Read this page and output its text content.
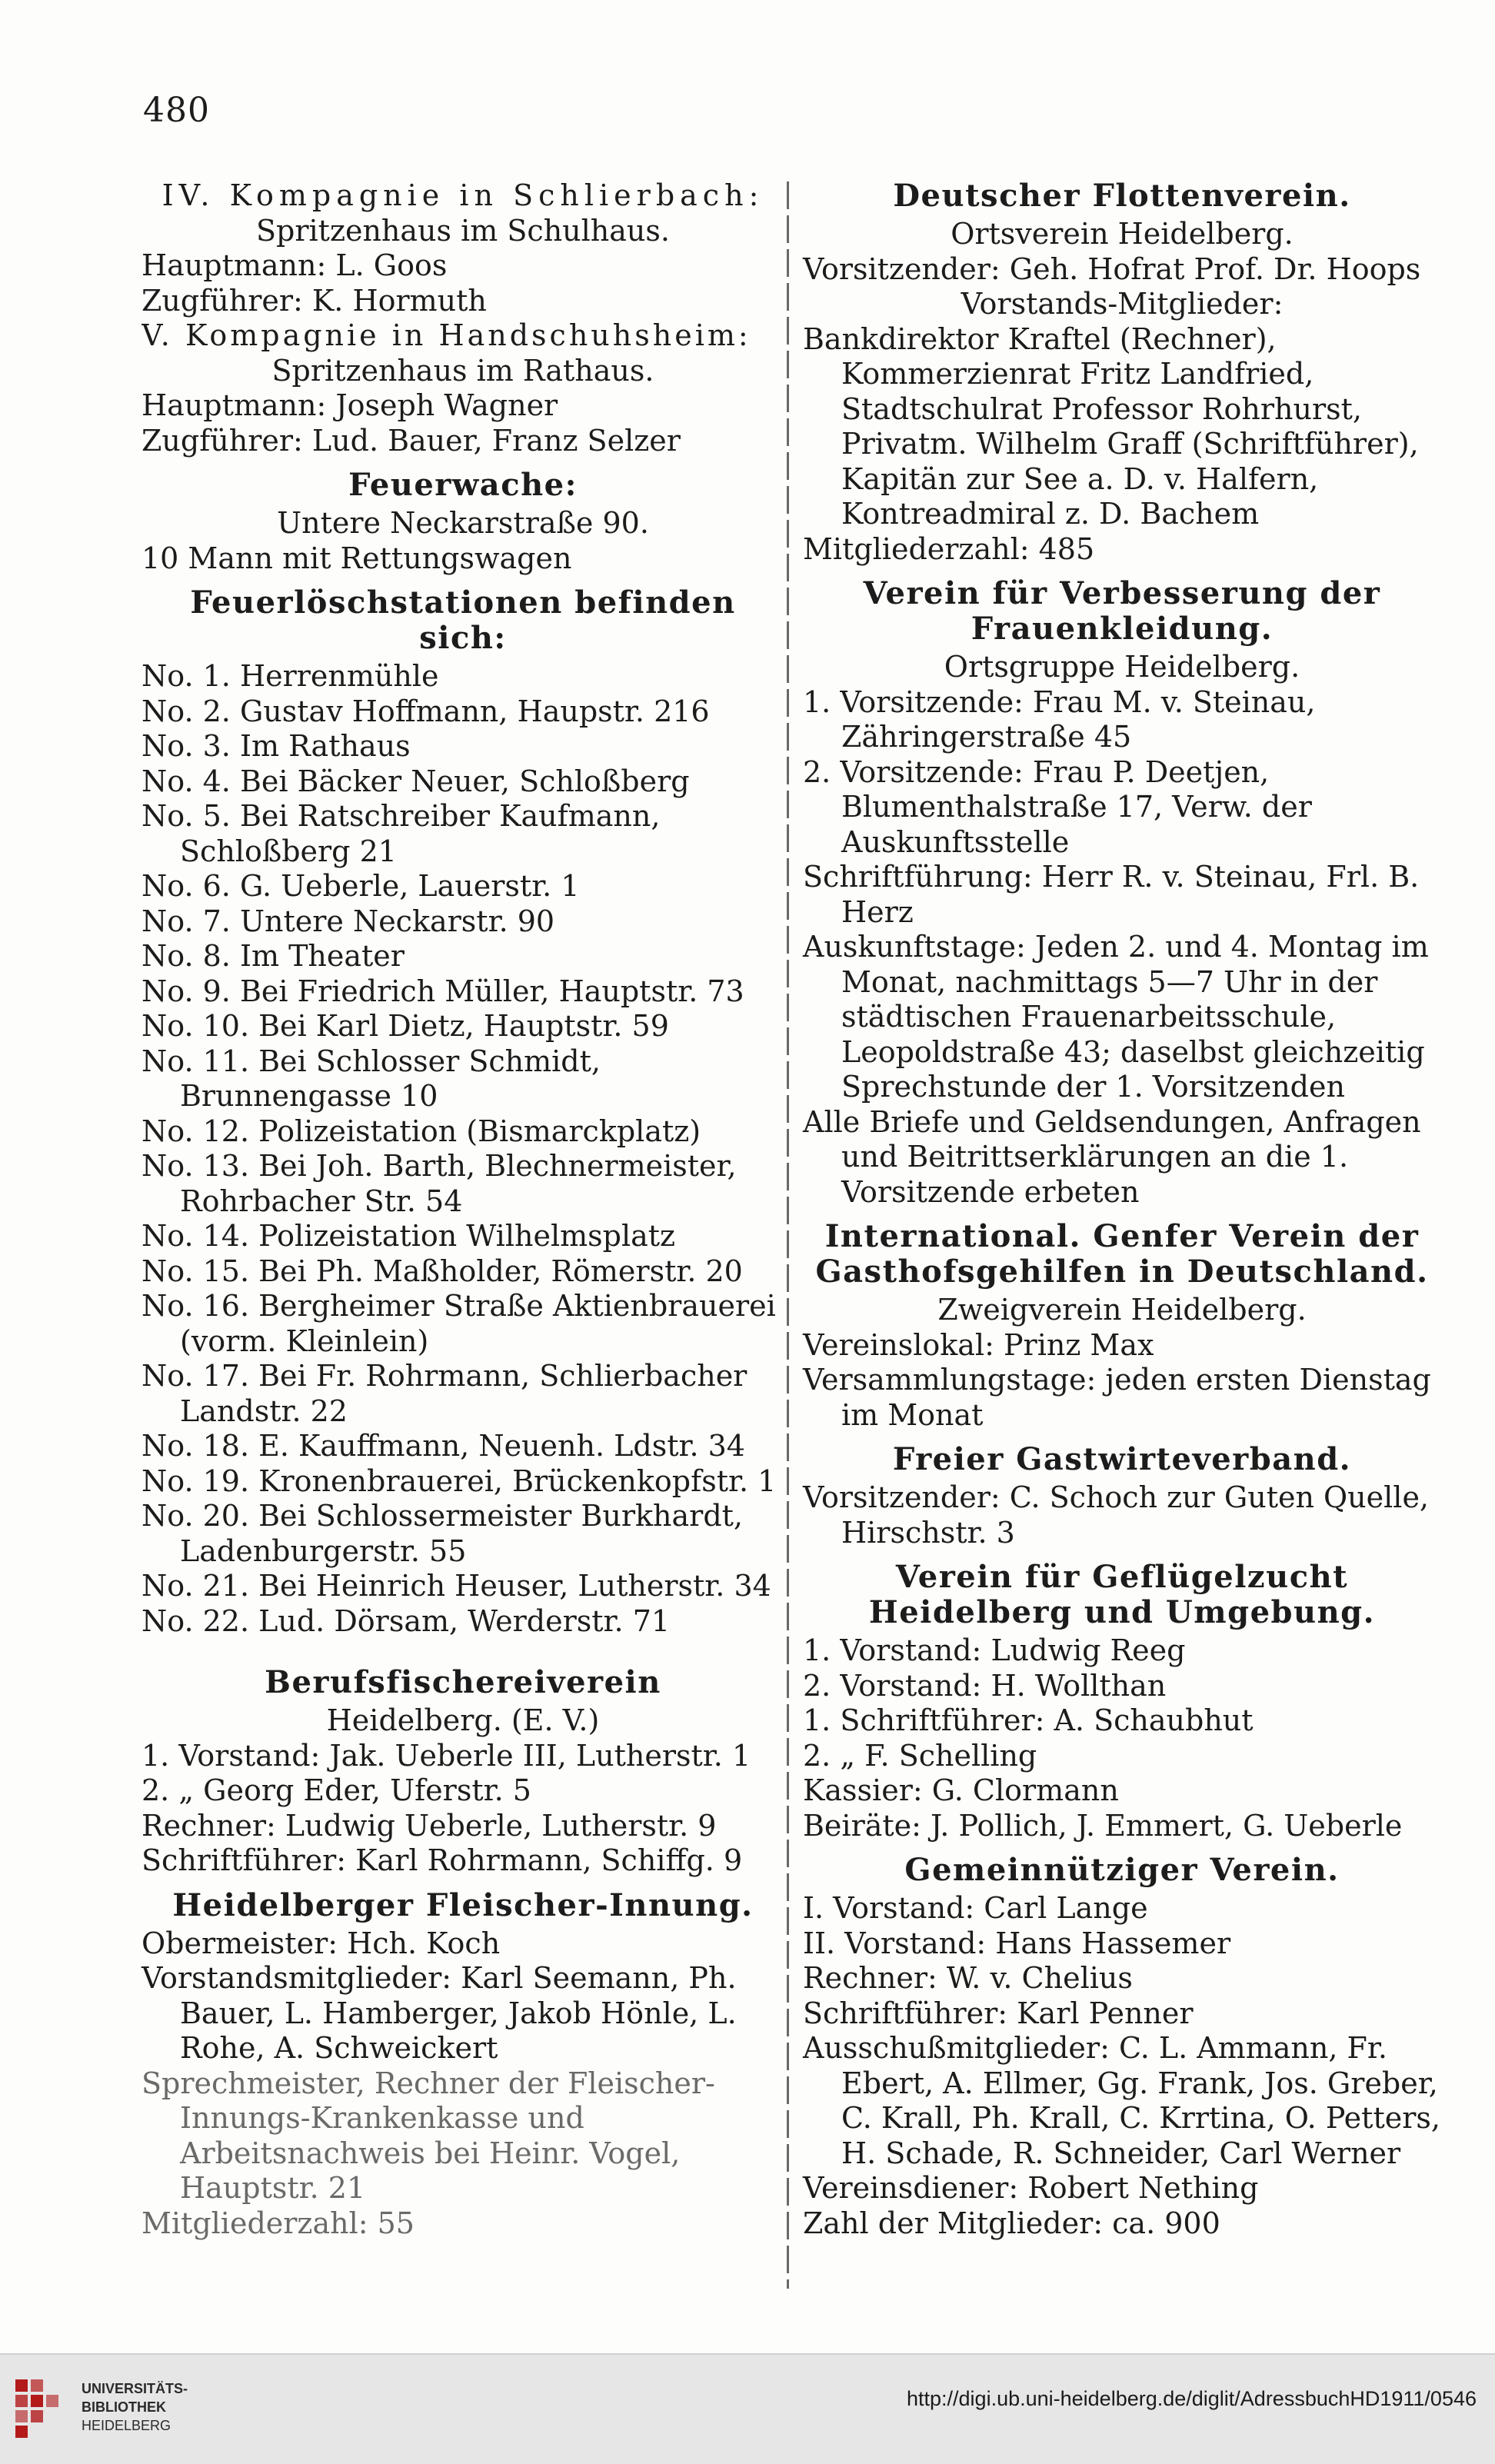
480
IV. Kompagnie in Schlierbach:
Spritzenhaus im Schulhaus.
Hauptmann: L. Goos
Zugführer: K. Hormuth
V. Kompagnie in Handschuhsheim:
Spritzenhaus im Rathaus.
Hauptmann: Joseph Wagner
Zugführer: Lud. Bauer, Franz Selzer
Feuerwache:
Untere Neckarstraße 90.
10 Mann mit Rettungswagen
Feuerlöschstationen befinden sich:
No. 1. Herrenmühle
No. 2. Gustav Hoffmann, Haupstr. 216
No. 3. Im Rathaus
No. 4. Bei Bäcker Neuer, Schloßberg
No. 5. Bei Ratschreiber Kaufmann, Schloßberg 21
No. 6. G. Ueberle, Lauerstr. 1
No. 7. Untere Neckarstr. 90
No. 8. Im Theater
No. 9. Bei Friedrich Müller, Hauptstr. 73
No. 10. Bei Karl Dietz, Hauptstr. 59
No. 11. Bei Schlosser Schmidt, Brunnengasse 10
No. 12. Polizeistation (Bismarckplatz)
No. 13. Bei Joh. Barth, Blechnermeister, Rohrbacher Str. 54
No. 14. Polizeistation Wilhelmsplatz
No. 15. Bei Ph. Maßholder, Römerstr. 20
No. 16. Bergheimer Straße Aktienbrauerei (vorm. Kleinlein)
No. 17. Bei Fr. Rohrmann, Schlierbacher Landstr. 22
No. 18. E. Kauffmann, Neuenh. Ldstr. 34
No. 19. Kronenbrauerei, Brückenkopfstr. 1
No. 20. Bei Schlossermeister Burkhardt, Ladenburgerstr. 55
No. 21. Bei Heinrich Heuser, Lutherstr. 34
No. 22. Lud. Dörsam, Werderstr. 71
Berufsfischereiverein
Heidelberg. (E. V.)
1. Vorstand: Jak. Ueberle III, Lutherstr. 1
2. „ Georg Eder, Uferstr. 5
Rechner: Ludwig Ueberle, Lutherstr. 9
Schriftführer: Karl Rohrmann, Schiffg. 9
Heidelberger Fleischer-Innung.
Obermeister: Hch. Koch
Vorstandsmitglieder: Karl Seemann, Ph. Bauer, L. Hamberger, Jakob Hönle, L. Rohe, A. Schweickert
Sprechmeister, Rechner der Fleischer-Innungs-Krankenkasse und Arbeitsnachweis bei Heinr. Vogel, Hauptstr. 21
Mitgliederzahl: 55
Deutscher Flottenverein.
Ortsverein Heidelberg.
Vorsitzender: Geh. Hofrat Prof. Dr. Hoops
Vorstands-Mitglieder:
Bankdirektor Kraftel (Rechner), Kommerzienrat Fritz Landfried, Stadtschulrat Professor Rohrhurst, Privatm. Wilhelm Graff (Schriftführer), Kapitän zur See a. D. v. Halfern, Kontreadmiral z. D. Bachem
Mitgliederzahl: 485
Verein für Verbesserung der Frauenkleidung.
Ortsgruppe Heidelberg.
1. Vorsitzende: Frau M. v. Steinau, Zähringerstraße 45
2. Vorsitzende: Frau P. Deetjen, Blumenthalstraße 17, Verw. der Auskunftsstelle
Schriftführung: Herr R. v. Steinau, Frl. B. Herz
Auskunftstage: Jeden 2. und 4. Montag im Monat, nachmittags 5—7 Uhr in der städtischen Frauenarbeitsschule, Leopoldstraße 43; daselbst gleichzeitig Sprechstunde der 1. Vorsitzenden
Alle Briefe und Geldsendungen, Anfragen und Beitrittserklärungen an die 1. Vorsitzende erbeten
International. Genfer Verein der Gasthofsgehilfen in Deutschland.
Zweigverein Heidelberg.
Vereinslokal: Prinz Max
Versammlungstage: jeden ersten Dienstag im Monat
Freier Gastwirteverband.
Vorsitzender: C. Schoch zur Guten Quelle, Hirschstr. 3
Verein für Geflügelzucht Heidelberg und Umgebung.
1. Vorstand: Ludwig Reeg
2. Vorstand: H. Wollthan
1. Schriftführer: A. Schaubhut
2. „ F. Schelling
Kassier: G. Clormann
Beiräte: J. Pollich, J. Emmert, G. Ueberle
Gemeinnütziger Verein.
I. Vorstand: Carl Lange
II. Vorstand: Hans Hassemer
Rechner: W. v. Chelius
Schriftführer: Karl Penner
Ausschußmitglieder: C. L. Ammann, Fr. Ebert, A. Ellmer, Gg. Frank, Jos. Greber, C. Krall, Ph. Krall, C. Krrtina, O. Petters, H. Schade, R. Schneider, Carl Werner
Vereinsdiener: Robert Nething
Zahl der Mitglieder: ca. 900
UNIVERSITÄTS-
BIBLIOTHEK
HEIDELBERG
http://digi.ub.uni-heidelberg.de/diglit/AdressbuchHD1911/0546
